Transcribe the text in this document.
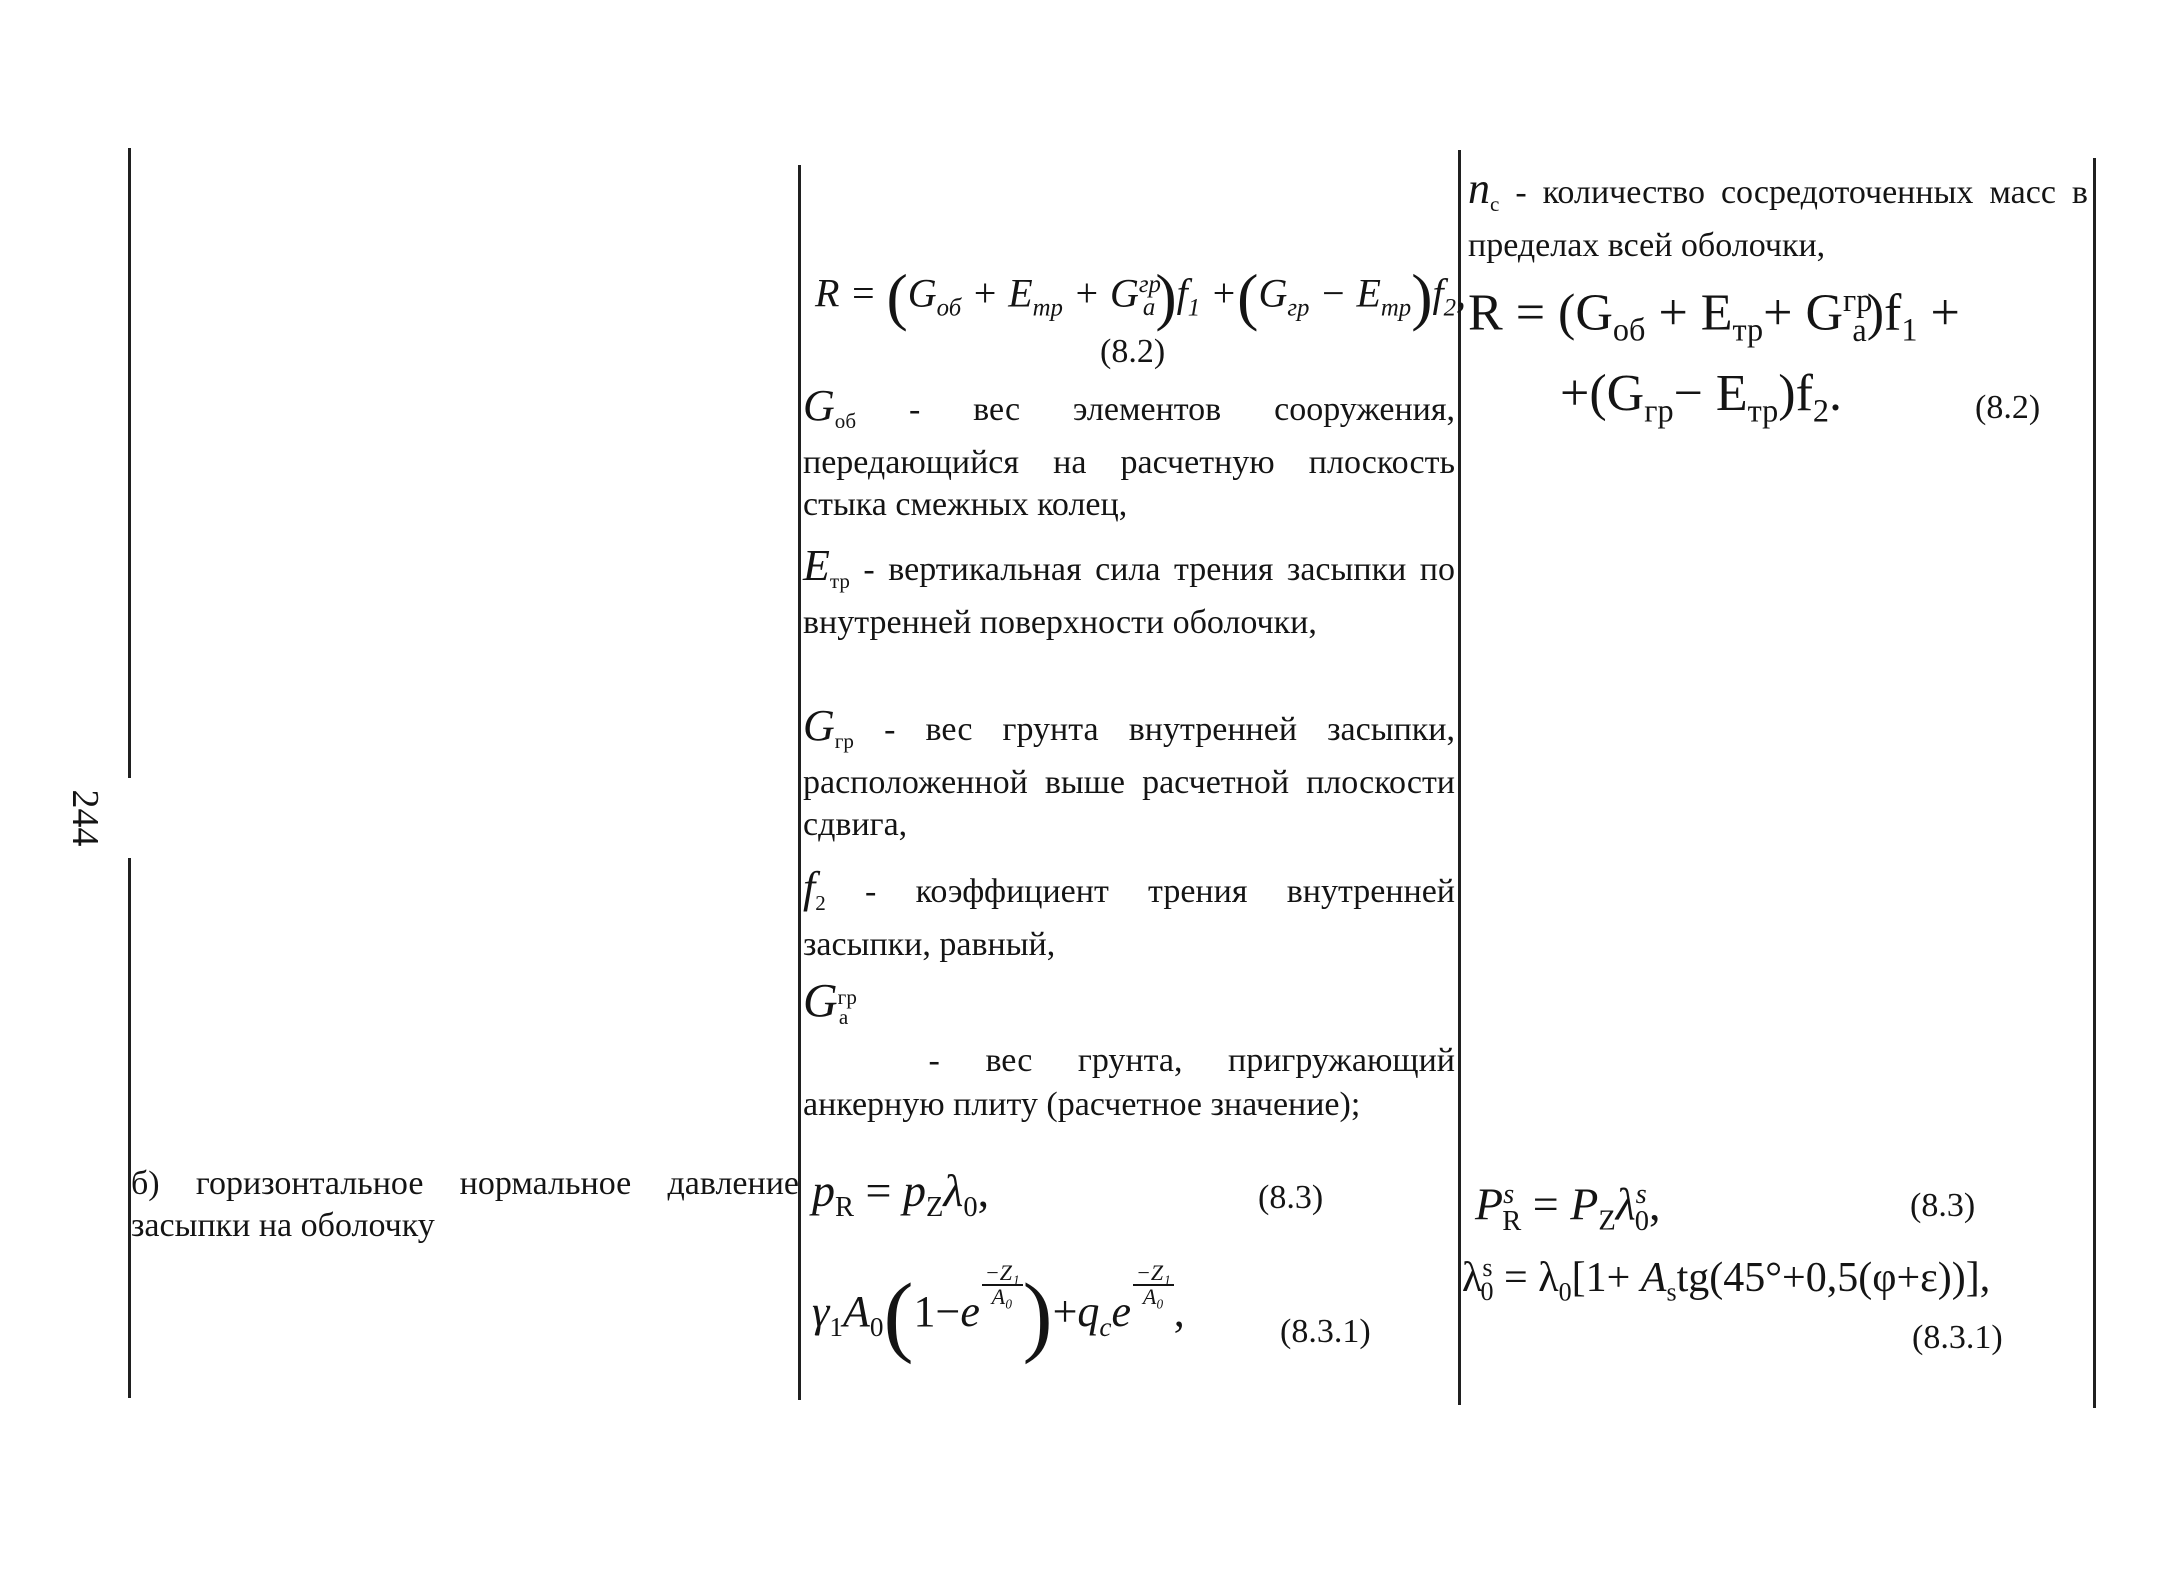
244
б) горизонтальное нормальное давление засыпки на оболочку
$R = (G_{об} + E_{тр} + G^{гр}_а)f_1 +(G_{гр} - E_{тр})f_2$,
(8.2)
$G_{об}$ - вес элементов сооружения, передающийся на расчетную плоскость стыка смежных колец,
$E_{тр}$ - вертикальная сила трения засыпки по внутренней поверхности оболочки,
$G_{гр}$ - вес грунта внутренней засыпки, расположенной выше расчетной плоскости сдвига,
$f_2$ - коэффициент трения внутренней засыпки, равный,
$G^{гр}_а$
- вес грунта, пригружающий анкерную плиту (расчетное значение);
$p_R = p_Z\lambda_0$,	(8.3)
$\gamma_1A_0(1-e$
$\frac{\text{−Z₁}}{\text{A₀}})+q_ce$
$\frac{\text{−Z₁}}{\text{A₀}}$,	(8.3.1)
$n_c$ - количество сосредоточенных масс в пределах всей оболочки,
$R = (G_{об} + E_{тр}+ G^{гр}_а)f_1$ +
$+(G_{гр}- E_{тр})f_2$.	(8.2)
$P^s_R = P_Z\lambda^s_0$,	(8.3)
$\lambda^s_0 = \lambda_0[1+ A_stg(45^\circ+0,5(\varphi+\varepsilon))]$,
(8.3.1)
